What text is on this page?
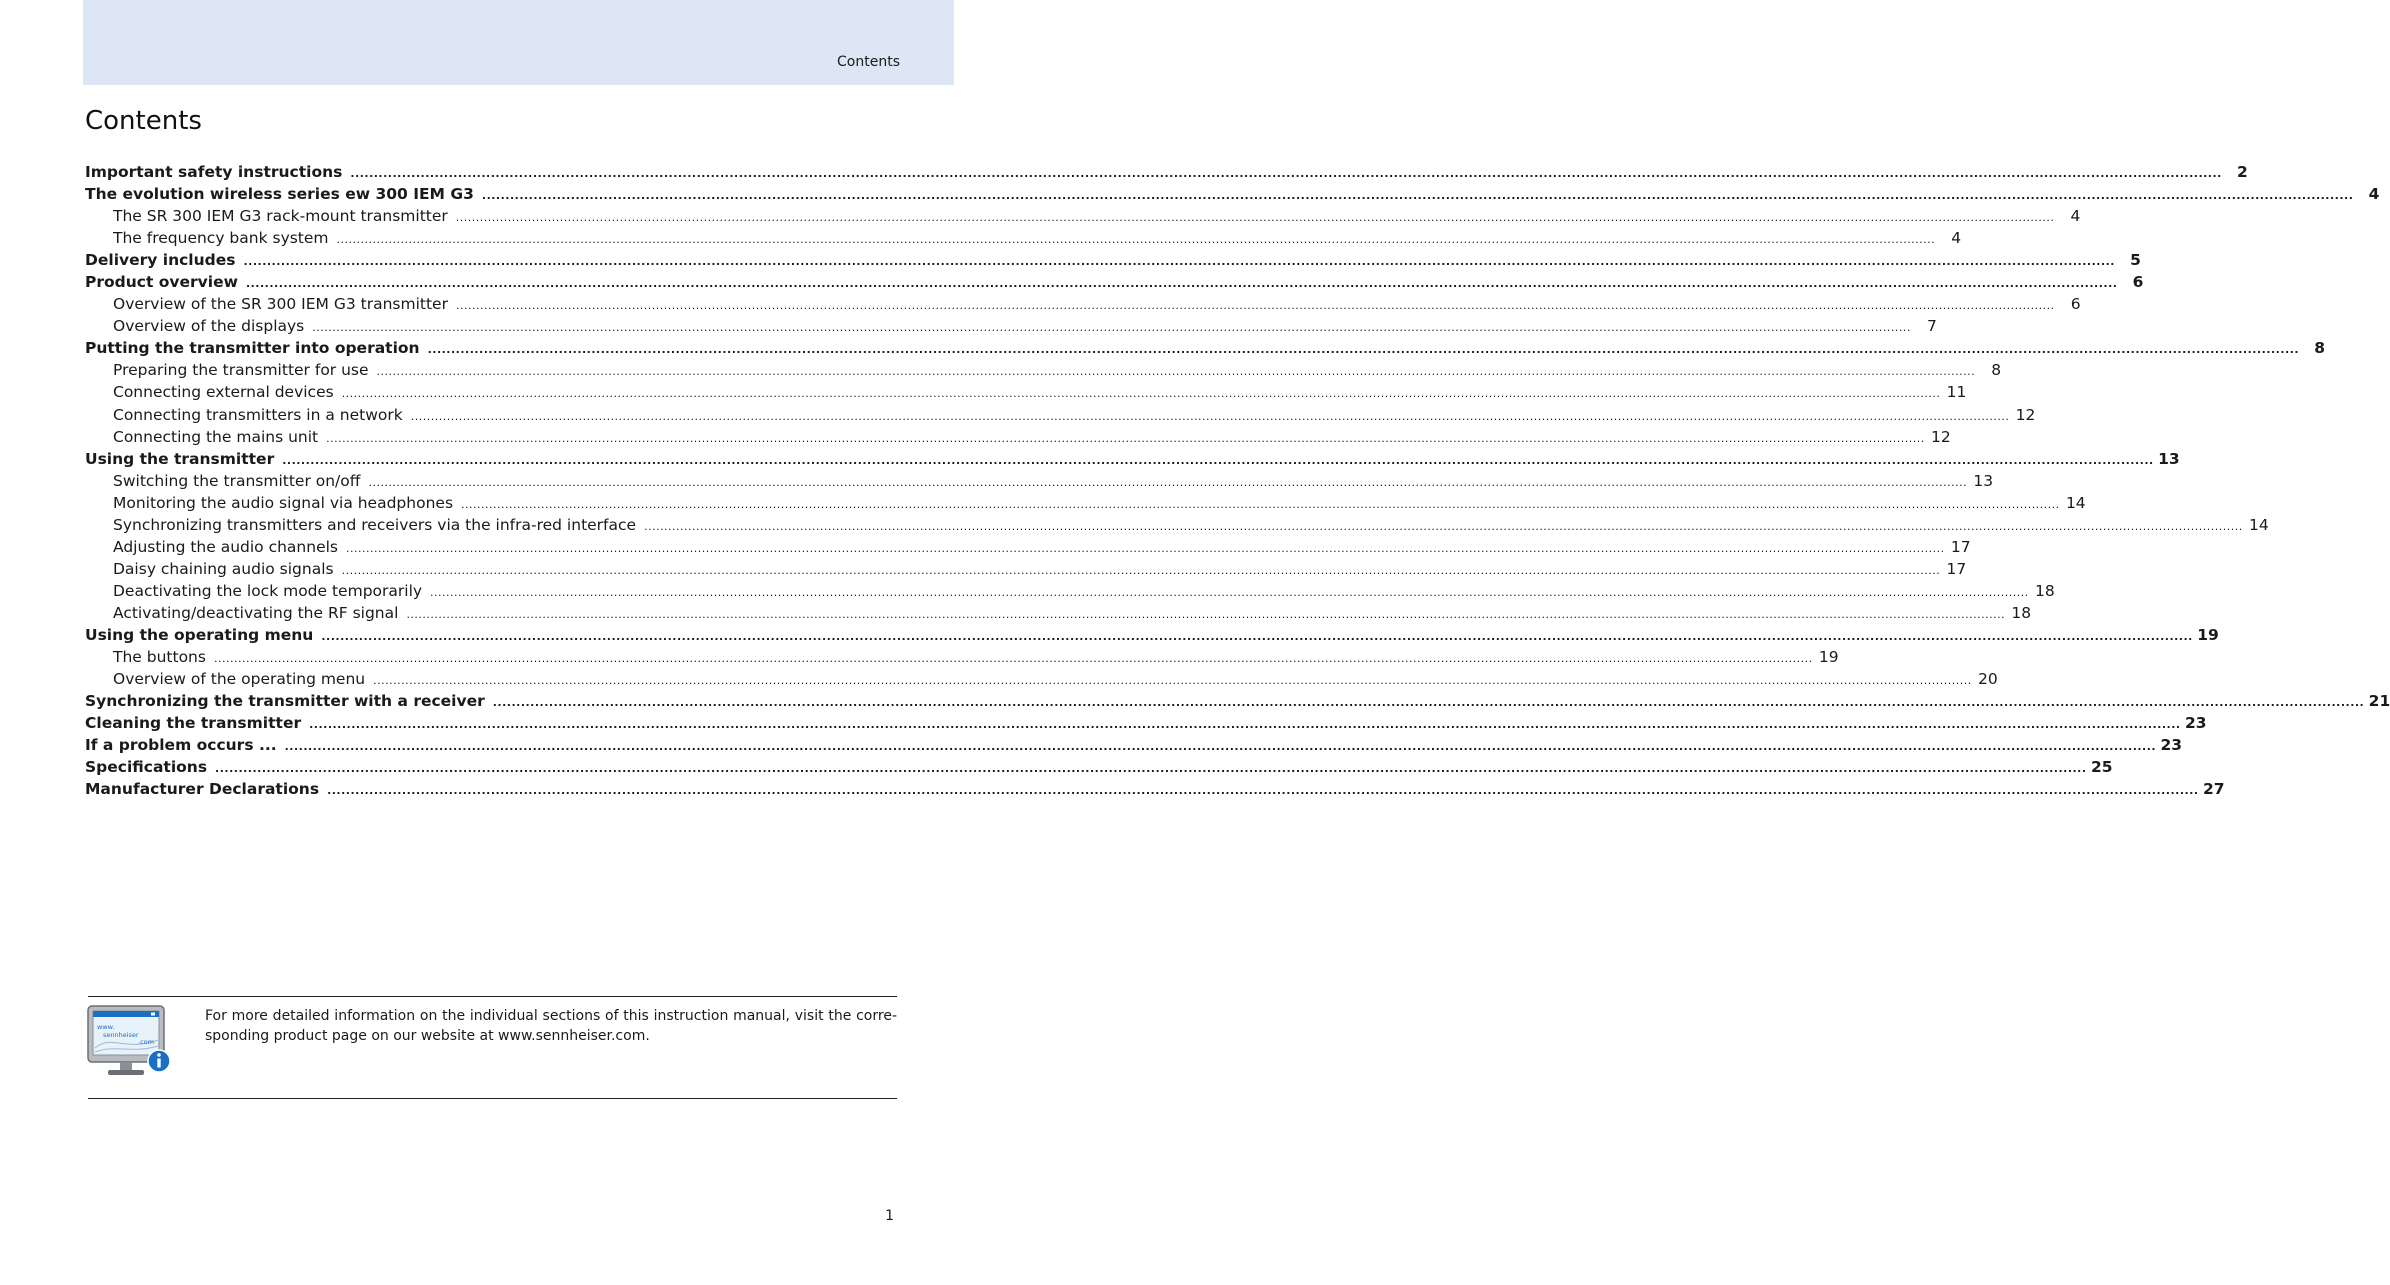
Contents
Contents
Important safety instructions ................................................................................................................................................................................................................................................................................................................................................................................................................ 2
The evolution wireless series ew 300 IEM G3 ................................................................................................................................................................................................................................................................................................................................................................................................................ 4
The SR 300 IEM G3 rack-mount transmitter ................................................................................................................................................................................................................................................................................................................................................................................................................	4
The frequency bank system ................................................................................................................................................................................................................................................................................................................................................................................................................	4
Delivery includes ................................................................................................................................................................................................................................................................................................................................................................................................................ 5
Product overview ................................................................................................................................................................................................................................................................................................................................................................................................................ 6
Overview of the SR 300 IEM G3 transmitter ................................................................................................................................................................................................................................................................................................................................................................................................................	6
Overview of the displays ................................................................................................................................................................................................................................................................................................................................................................................................................	7
Putting the transmitter into operation ................................................................................................................................................................................................................................................................................................................................................................................................................ 8
Preparing the transmitter for use ................................................................................................................................................................................................................................................................................................................................................................................................................	8
Connecting external devices ................................................................................................................................................................................................................................................................................................................................................................................................................ 11
Connecting transmitters in a network ................................................................................................................................................................................................................................................................................................................................................................................................................ 12
Connecting the mains unit ................................................................................................................................................................................................................................................................................................................................................................................................................ 12
Using the transmitter ................................................................................................................................................................................................................................................................................................................................................................................................................ 13
Switching the transmitter on/off ................................................................................................................................................................................................................................................................................................................................................................................................................ 13
Monitoring the audio signal via headphones ................................................................................................................................................................................................................................................................................................................................................................................................................ 14
Synchronizing transmitters and receivers via the infra-red interface ................................................................................................................................................................................................................................................................................................................................................................................................................ 14
Adjusting the audio channels ................................................................................................................................................................................................................................................................................................................................................................................................................ 17
Daisy chaining audio signals ................................................................................................................................................................................................................................................................................................................................................................................................................ 17
Deactivating the lock mode temporarily ................................................................................................................................................................................................................................................................................................................................................................................................................ 18
Activating/deactivating the RF signal ................................................................................................................................................................................................................................................................................................................................................................................................................ 18
Using the operating menu ................................................................................................................................................................................................................................................................................................................................................................................................................ 19
The buttons ................................................................................................................................................................................................................................................................................................................................................................................................................ 19
Overview of the operating menu ................................................................................................................................................................................................................................................................................................................................................................................................................ 20
Synchronizing the transmitter with a receiver ................................................................................................................................................................................................................................................................................................................................................................................................................ 21
Cleaning the transmitter ................................................................................................................................................................................................................................................................................................................................................................................................................ 23
If a problem occurs ... ................................................................................................................................................................................................................................................................................................................................................................................................................ 23
Specifications ................................................................................................................................................................................................................................................................................................................................................................................................................ 25
Manufacturer Declarations ................................................................................................................................................................................................................................................................................................................................................................................................................ 27
www.
sennheiser
.com
For more detailed information on the individual sections of this instruction manual, visit the corre-sponding product page on our website at www.sennheiser.com.
1
